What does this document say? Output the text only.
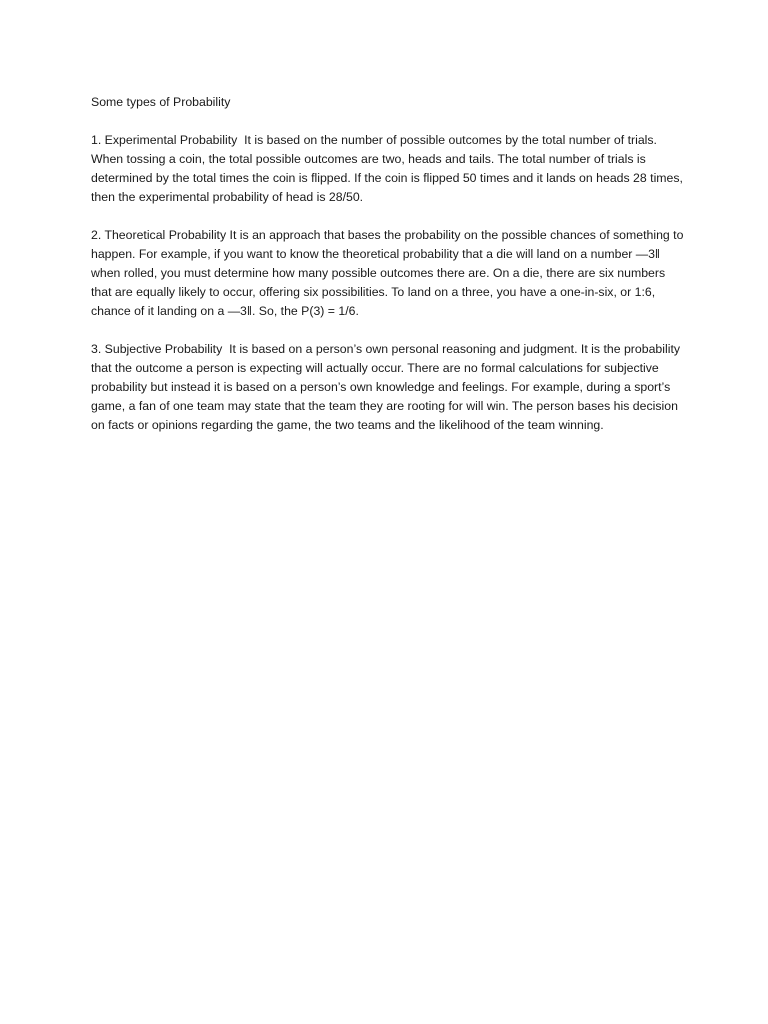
Some types of Probability

1. Experimental Probability  It is based on the number of possible outcomes by the total number of trials. When tossing a coin, the total possible outcomes are two, heads and tails. The total number of trials is determined by the total times the coin is flipped. If the coin is flipped 50 times and it lands on heads 28 times, then the experimental probability of head is 28/50.

2. Theoretical Probability It is an approach that bases the probability on the possible chances of something to happen. For example, if you want to know the theoretical probability that a die will land on a number ―3‖ when rolled, you must determine how many possible outcomes there are. On a die, there are six numbers that are equally likely to occur, offering six possibilities. To land on a three, you have a one-in-six, or 1:6, chance of it landing on a ―3‖. So, the P(3) = 1/6.

3. Subjective Probability  It is based on a person’s own personal reasoning and judgment. It is the probability that the outcome a person is expecting will actually occur. There are no formal calculations for subjective probability but instead it is based on a person’s own knowledge and feelings. For example, during a sport’s game, a fan of one team may state that the team they are rooting for will win. The person bases his decision on facts or opinions regarding the game, the two teams and the likelihood of the team winning.
